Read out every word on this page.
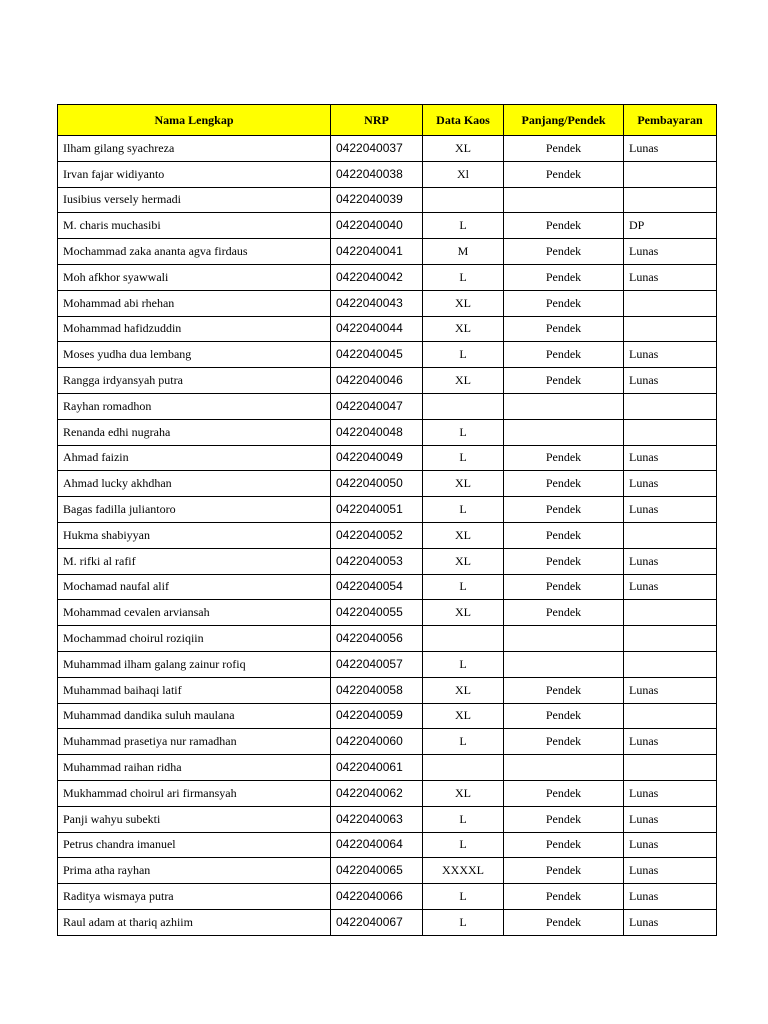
Nama Lengkap	NRP	Data Kaos	Panjang/Pendek	Pembayaran
Ilham gilang syachreza	0422040037	XL	Pendek	Lunas
Irvan fajar widiyanto	0422040038	Xl	Pendek	
Iusibius versely hermadi	0422040039			
M. charis muchasibi	0422040040	L	Pendek	DP
Mochammad zaka ananta agva firdaus	0422040041	M	Pendek	Lunas
Moh afkhor syawwali	0422040042	L	Pendek	Lunas
Mohammad abi rhehan	0422040043	XL	Pendek	
Mohammad hafidzuddin	0422040044	XL	Pendek	
Moses yudha dua lembang	0422040045	L	Pendek	Lunas
Rangga irdyansyah putra	0422040046	XL	Pendek	Lunas
Rayhan romadhon	0422040047			
Renanda edhi nugraha	0422040048	L		
Ahmad faizin	0422040049	L	Pendek	Lunas
Ahmad lucky akhdhan	0422040050	XL	Pendek	Lunas
Bagas fadilla juliantoro	0422040051	L	Pendek	Lunas
Hukma shabiyyan	0422040052	XL	Pendek	
M. rifki al rafif	0422040053	XL	Pendek	Lunas
Mochamad naufal alif	0422040054	L	Pendek	Lunas
Mohammad cevalen arviansah	0422040055	XL	Pendek	
Mochammad choirul roziqiin	0422040056			
Muhammad ilham galang zainur rofiq	0422040057	L		
Muhammad baihaqi latif	0422040058	XL	Pendek	Lunas
Muhammad dandika suluh maulana	0422040059	XL	Pendek	
Muhammad prasetiya nur ramadhan	0422040060	L	Pendek	Lunas
Muhammad raihan ridha	0422040061			
Mukhammad choirul ari firmansyah	0422040062	XL	Pendek	Lunas
Panji wahyu subekti	0422040063	L	Pendek	Lunas
Petrus chandra imanuel	0422040064	L	Pendek	Lunas
Prima atha rayhan	0422040065	XXXXL	Pendek	Lunas
Raditya wismaya putra	0422040066	L	Pendek	Lunas
Raul adam at thariq azhiim	0422040067	L	Pendek	Lunas
